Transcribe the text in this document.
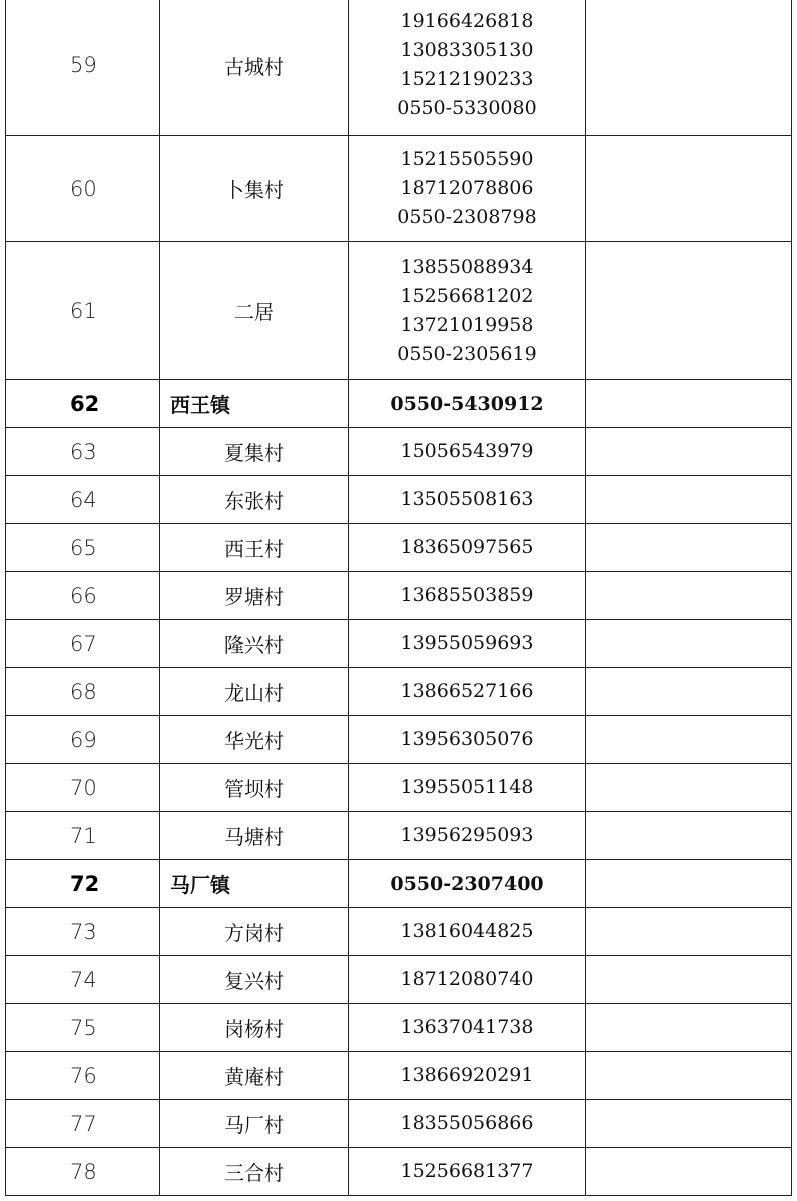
59	古城村	19166426818
13083305130
15212190233
0550-5330080	

60	卜集村	15215505590
18712078806
0550-2308798	

61	二居	13855088934
15256681202
13721019958
0550-2305619	

62	西王镇	0550-5430912	

63	夏集村	15056543979	

64	东张村	13505508163	

65	西王村	18365097565	

66	罗塘村	13685503859	

67	隆兴村	13955059693	

68	龙山村	13866527166	

69	华光村	13956305076	

70	管坝村	13955051148	

71	马塘村	13956295093	

72	马厂镇	0550-2307400	

73	方岗村	13816044825	

74	复兴村	18712080740	

75	岗杨村	13637041738	

76	黄庵村	13866920291	

77	马厂村	18355056866	

78	三合村	15256681377	
